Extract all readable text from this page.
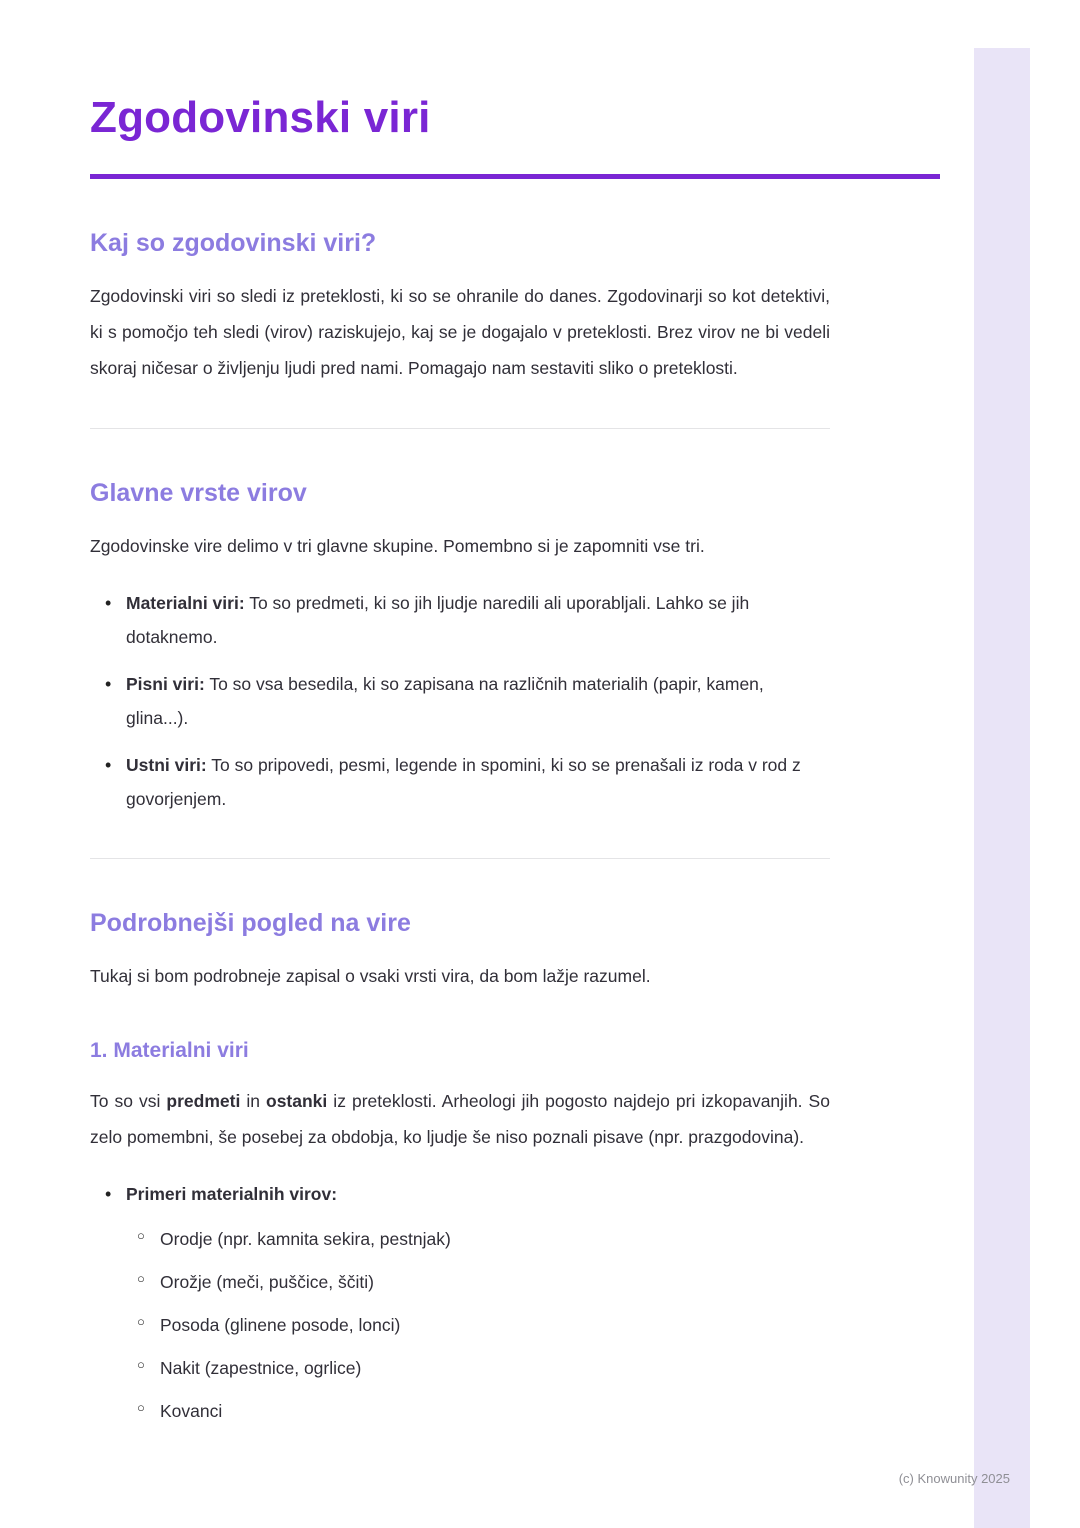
Zgodovinski viri
Kaj so zgodovinski viri?

Zgodovinski viri so sledi iz preteklosti, ki so se ohranile do danes. Zgodovinarji so kot detektivi, ki s pomočjo teh sledi (virov) raziskujejo, kaj se je dogajalo v preteklosti. Brez virov ne bi vedeli skoraj ničesar o življenju ljudi pred nami. Pomagajo nam sestaviti sliko o preteklosti.

Glavne vrste virov

Zgodovinske vire delimo v tri glavne skupine. Pomembno si je zapomniti vse tri.

• Materialni viri: To so predmeti, ki so jih ljudje naredili ali uporabljali. Lahko se jih dotaknemo.
• Pisni viri: To so vsa besedila, ki so zapisana na različnih materialih (papir, kamen, glina...).
• Ustni viri: To so pripovedi, pesmi, legende in spomini, ki so se prenašali iz roda v rod z govorjenjem.
Podrobnejši pogled na vire

Tukaj si bom podrobneje zapisal o vsaki vrsti vira, da bom lažje razumel.

1. Materialni viri

To so vsi predmeti in ostanki iz preteklosti. Arheologi jih pogosto najdejo pri izkopavanjih. So zelo pomembni, še posebej za obdobja, ko ljudje še niso poznali pisave (npr. prazgodovina).

• Primeri materialnih virov:
○ Orodje (npr. kamnita sekira, pestnjak)
○ Orožje (meči, puščice, ščiti)
○ Posoda (glinene posode, lonci)
○ Nakit (zapestnice, ogrlice)
○ Kovanci
(c) Knowunity 2025
